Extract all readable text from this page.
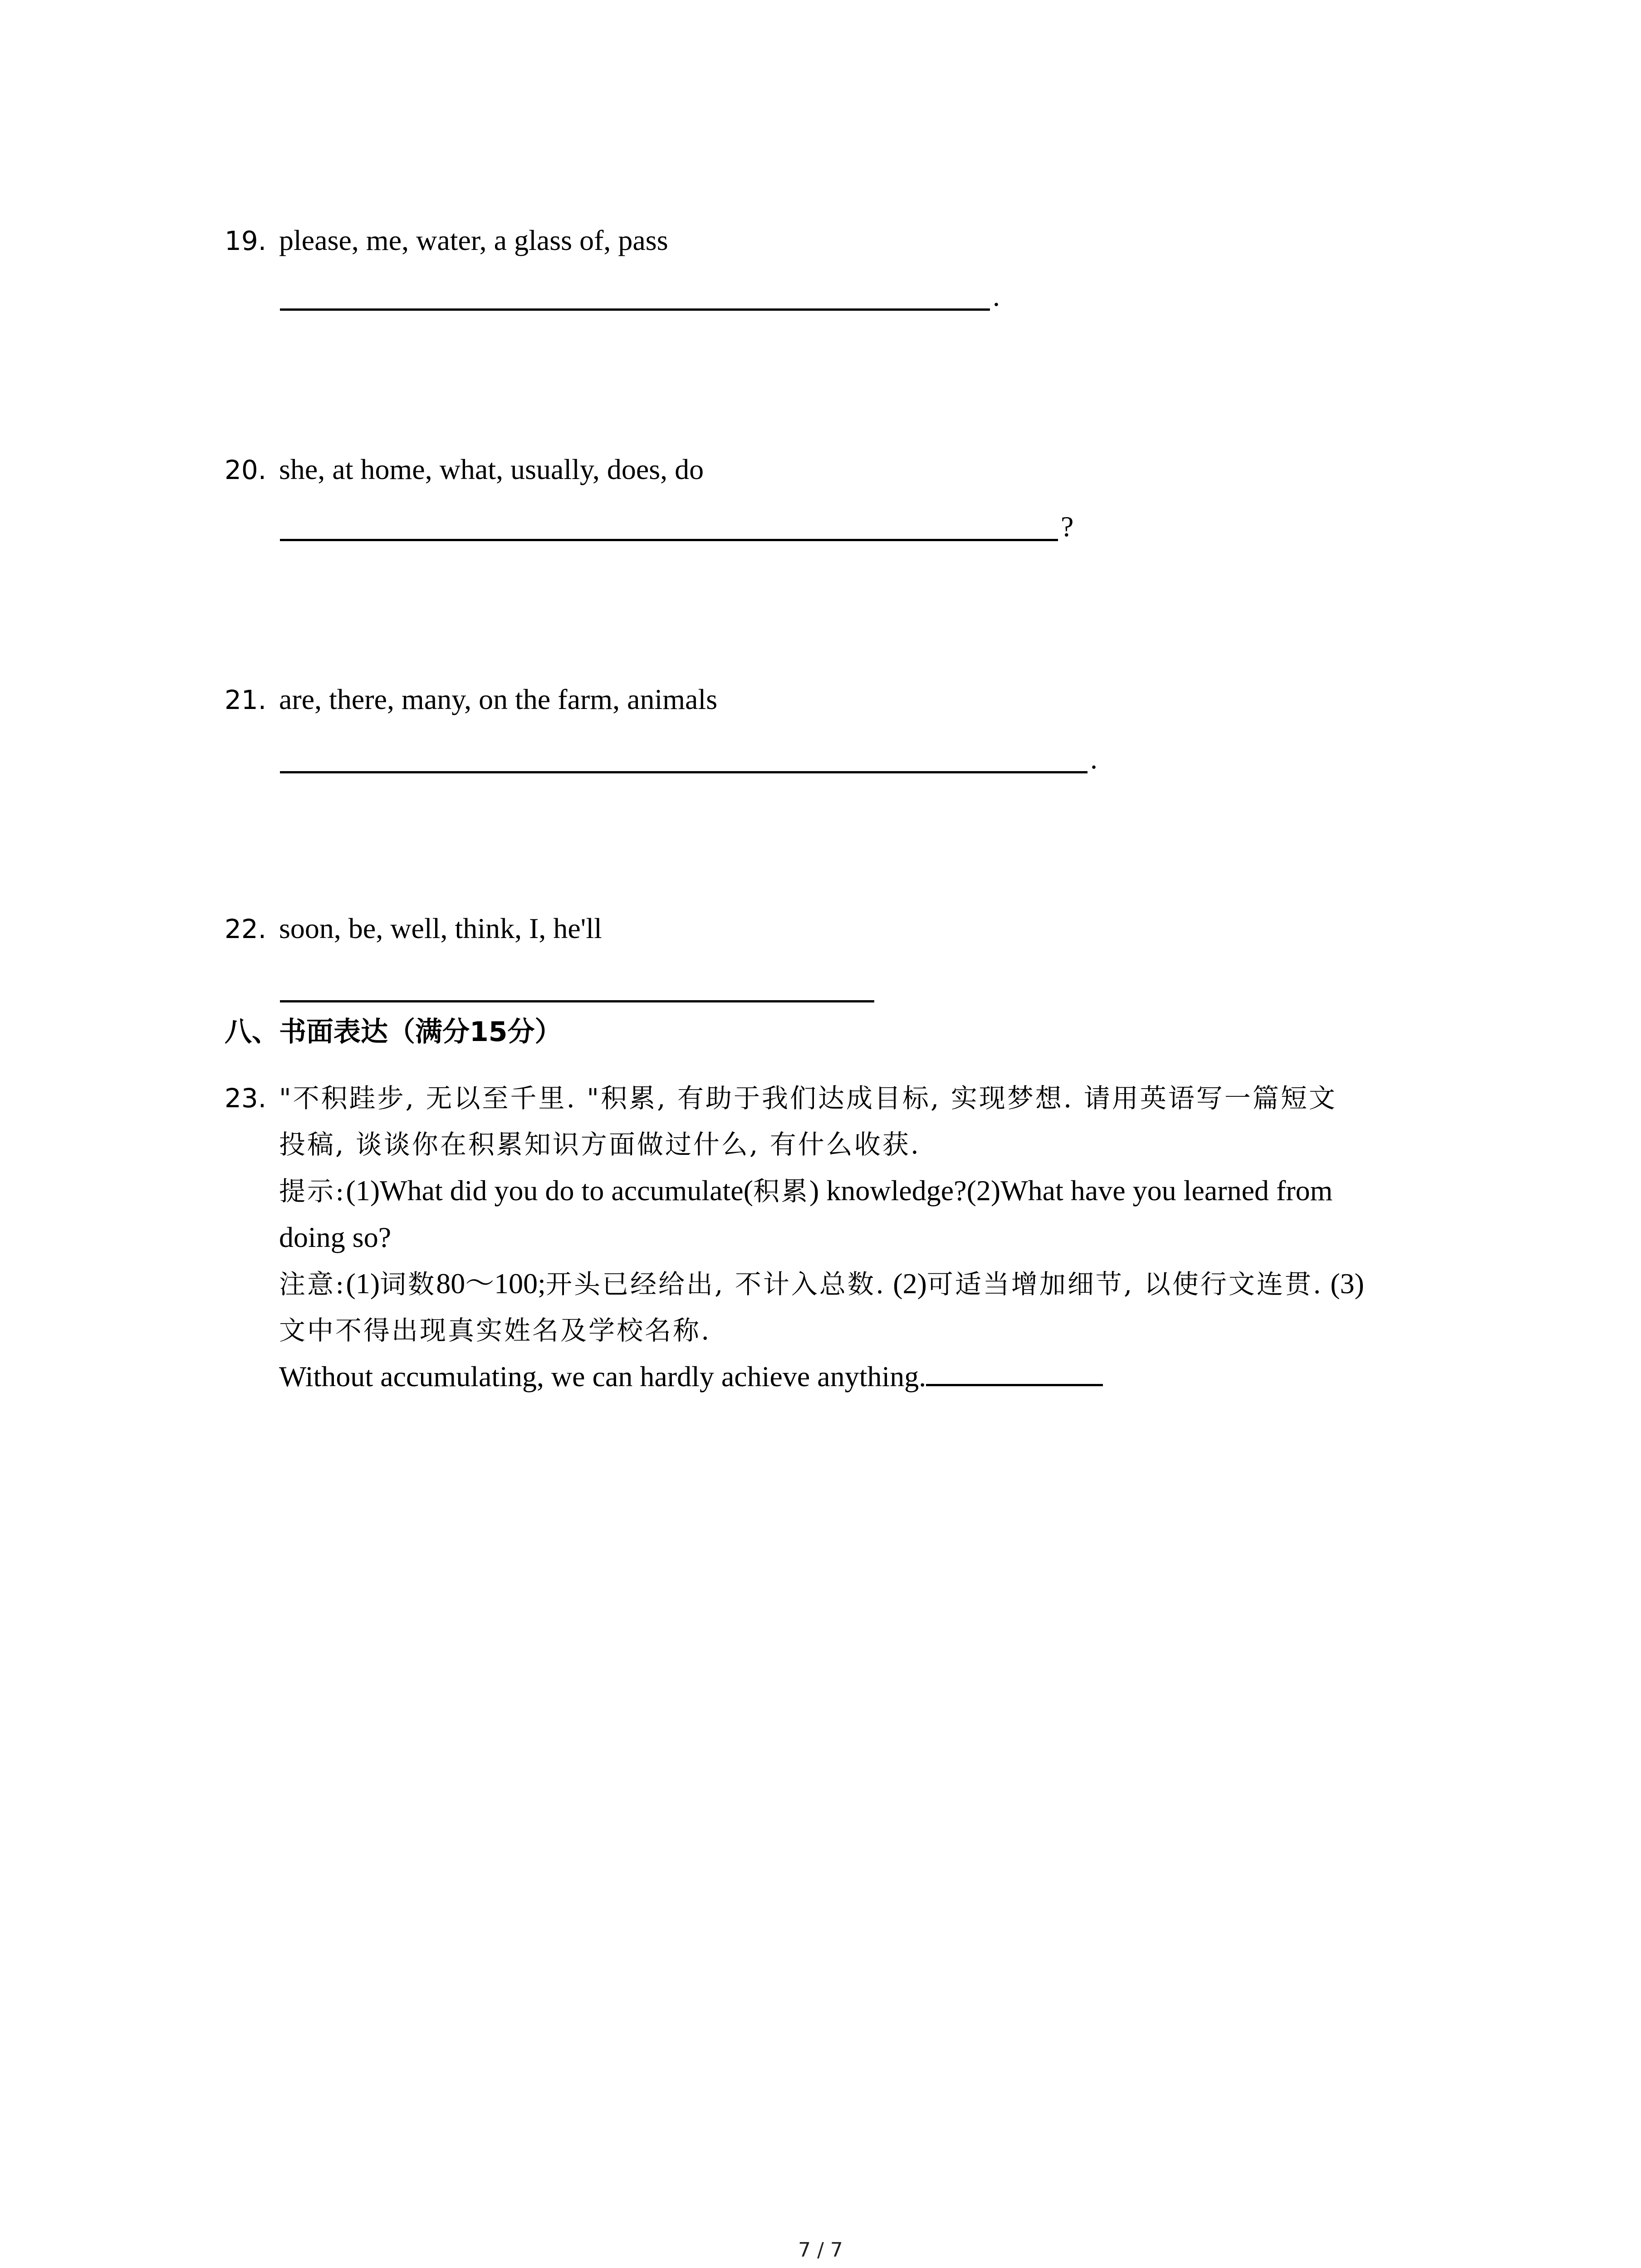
19. please, me, water, a glass of, pass
.
20. she, at home, what, usually, does, do
?
21. are, there, many, on the farm, animals
.
22. soon, be, well, think, I, he'll
八、书面表达（满分15分）
23. "不积跬步, 无以至千里. "积累, 有助于我们达成目标, 实现梦想. 请用英语写一篇短文
投稿, 谈谈你在积累知识方面做过什么, 有什么收获.
提示: (1)What did you do to accumulate( 积累 ) knowledge?(2)What have you learned from
doing so?
注意: (1) 词数 80～100; 开头已经给出, 不计入总数. (2) 可适当增加细节, 以使行文连贯. (3)
文中不得出现真实姓名及学校名称.
Without accumulating, we can hardly achieve anything.
7 / 7
